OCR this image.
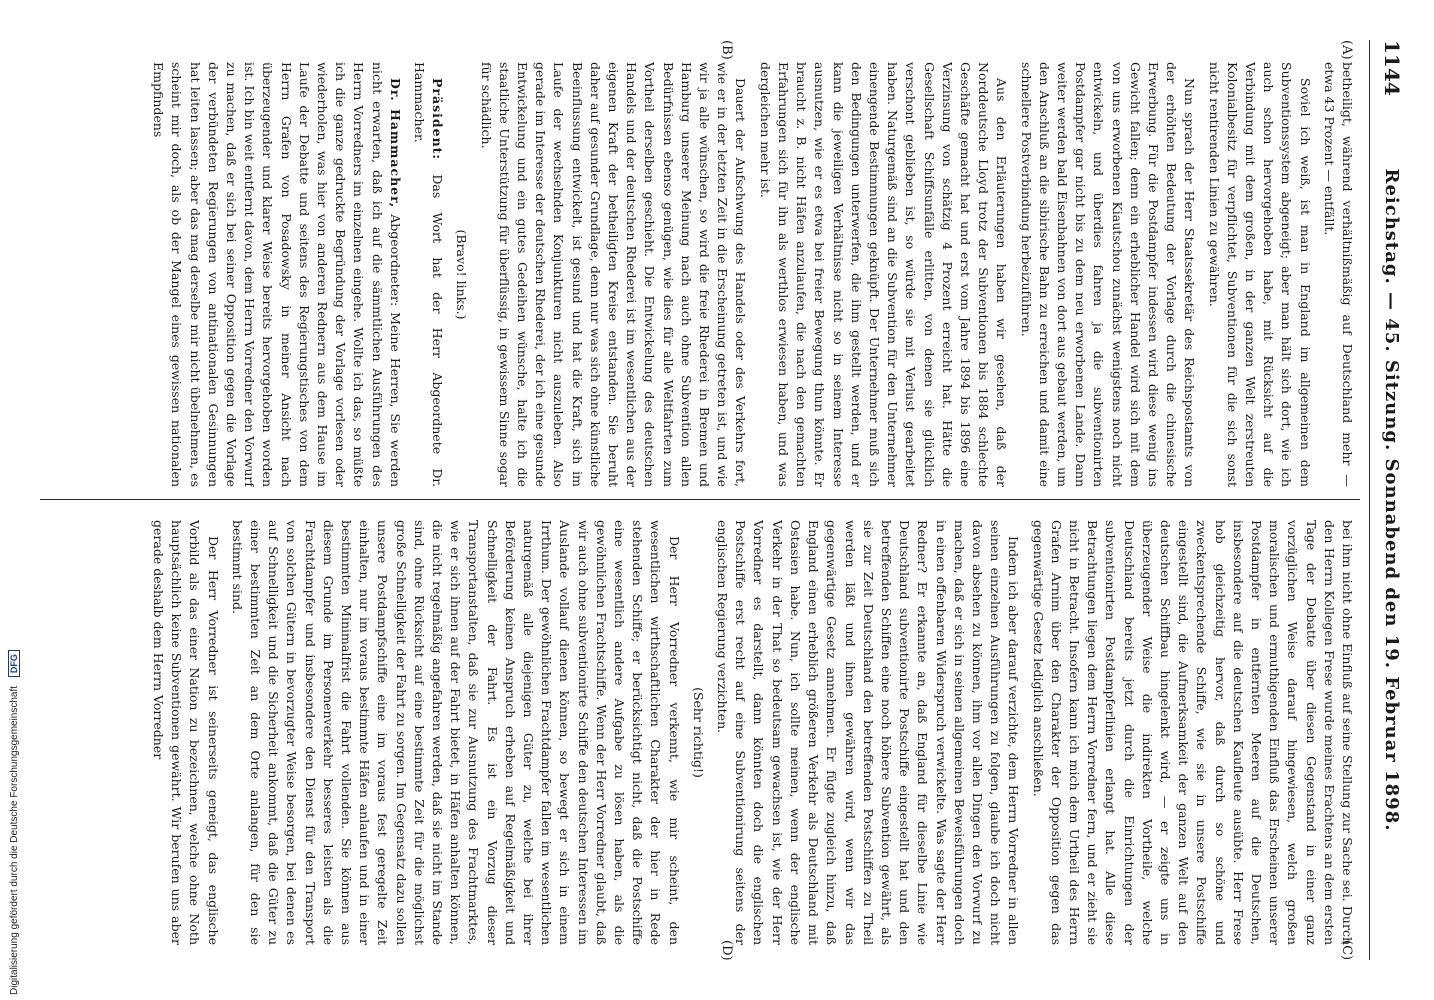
Digitalisierung gefördert durch die Deutsche Forschungsgemeinschaft DFG
1144
Reichstag. — 45. Sitzung. Sonnabend den 19. Februar 1898.
(A)
(B)
(C)
(D)

betheiligt, während verhältnißmäßig auf Deutschland mehr — etwa 43 Prozent — entfällt.

Soviel ich weiß, ist man in England im allgemeinen dem Subventionssystem abgeneigt; aber man hält sich dort, wie ich auch schon hervorgehoben habe, mit Rücksicht auf die Verbindung mit dem großen, in der ganzen Welt zerstreuten Kolonialbesitz für verpflichtet, Subventionen für die sich sonst nicht rentirenden Linien zu gewähren.

Nun sprach der Herr Staatssekretär des Reichspostamts von der erhöhten Bedeutung der Vorlage durch die chinesische Erwerbung. Für die Postdampfer indessen wird diese wenig ins Gewicht fallen; denn ein erheblicher Handel wird sich mit dem von uns erworbenen Kiautschou zunächst wenigstens noch nicht entwickeln, und überdies fahren ja die subventionirten Postdampfer gar nicht bis zu dem neu erworbenen Lande. Dann weiter werden bald Eisenbahnen von dort aus gebaut werden, um den Anschluß an die sibirische Bahn zu erreichen und damit eine schnellere Postverbindung herbeizuführen.

Aus den Erläuterungen haben wir gesehen, daß der Norddeutsche Lloyd trotz der Subventionen bis 1884 schlechte Geschäfte gemacht hat und erst vom Jahre 1894 bis 1896 eine Verzinsung von schätzig 4 Prozent erreicht hat. Hätte die Gesellschaft Schiffsunfälle erlitten, von denen sie glücklich verschont geblieben ist, so würde sie mit Verlust gearbeitet haben. Naturgemäß sind an die Subvention für den Unternehmer einengende Bestimmungen geknüpft. Der Unternehmer muß sich den Bedingungen unterwerfen, die ihm gestellt werden, und er kann die jeweiligen Verhältnisse nicht so in seinem Interesse ausnutzen, wie er es etwa bei freier Bewegung thun könnte. Er braucht z. B. nicht Häfen anzulaufen, die nach den gemachten Erfahrungen sich für ihn als werthlos erwiesen haben, und was dergleichen mehr ist.

Dauert der Aufschwung des Handels oder des Verkehrs fort, wie er in der letzten Zeit in die Erscheinung getreten ist, und wie wir ja alle wünschen, so wird die freie Rhederei in Bremen und Hamburg unserer Meinung nach auch ohne Subvention allen Bedürfnissen ebenso genügen, wie dies für alle Weltfahrten zum Vortheil derselben geschieht. Die Entwickelung des deutschen Handels und der deutschen Rhederei ist im wesentlichen aus der eigenen Kraft der betheiligten Kreise entstanden. Sie beruht daher auf gesunder Grundlage, denn nur was sich ohne künstliche Beeinflussung entwickelt, ist gesund und hat die Kraft, sich im Laufe der wechselnden Konjunkturen nicht auszuleben. Also gerade im Interesse der deutschen Rhederei, der ich eine gesunde Entwickelung und ein gutes Gedeihen wünsche, halte ich die staatliche Unterstützung für überflüssig, in gewissem Sinne sogar für schädlich.

(Bravo! links.)

Präsident: Das Wort hat der Herr Abgeordnete Dr. Hammacher.

Dr. Hammacher, Abgeordneter: Meine Herren, Sie werden nicht erwarten, daß ich auf die sämmtlichen Ausführungen des Herrn Vorredners im einzelnen eingehe. Wollte ich das, so müßte ich die ganze gedruckte Begründung der Vorlage vorlesen oder wiederholen, was hier von anderen Rednern aus dem Hause im Laufe der Debatte und seitens des Regierungstisches von dem Herrn Grafen von Posadowsky in meiner Ansicht nach überzeugender und klarer Weise bereits hervorgehoben worden ist. Ich bin weit entfernt davon, dem Herrn Vorredner den Vorwurf zu machen, daß er sich bei seiner Opposition gegen die Vorlage der verbündeten Regierungen von antinationalen Gesinnungen hat leiten lassen; aber das mag derselbe mir nicht übelnehmen, es scheint mir doch, als ob der Mangel eines gewissen nationalen Empfindens

bei ihm nicht ohne Einfluß auf seine Stellung zur Sache sei. Durch den Herrn Kollegen Frese wurde meines Erachtens an dem ersten Tage der Debatte über diesen Gegenstand in einer ganz vorzüglichen Weise darauf hingewiesen, welch großen moralischen und ermuthigenden Einfluß das Erscheinen unserer Postdampfer in entfernten Meeren auf die Deutschen, insbesondere auf die deutschen Kaufleute ausübte. Herr Frese hob gleichzeitig hervor, daß durch so schöne und zweckentsprechende Schiffe, wie sie in unsere Postschiffe eingestellt sind, die Aufmerksamkeit der ganzen Welt auf den deutschen Schiffbau hingelenkt wird, — er zeigte uns in überzeugender Weise die indirekten Vortheile, welche Deutschland bereits jetzt durch die Einrichtungen der subventionirten Postdampferlinien erlangt hat. Alle diese Betrachtungen liegen dem Herrn Vorredner fern, und er zieht sie nicht in Betracht. Insofern kann ich mich dem Urtheil des Herrn Grafen Arnim über den Charakter der Opposition gegen das gegenwärtige Gesetz lediglich anschließen.

Indem ich aber darauf verzichte, dem Herrn Vorredner in allen seinen einzelnen Ausführungen zu folgen, glaube ich doch nicht davon absehen zu können, ihm vor allen Dingen den Vorwurf zu machen, daß er sich in seinen allgemeinen Beweisführungen doch in einen offenbaren Widerspruch verwickelte. Was sagte der Herr Redner? Er erkannte an, daß England für dieselbe Linie wie Deutschland subventionirte Postschiffe eingestellt hat und den betreffenden Schiffen eine noch höhere Subvention gewährt, als sie zur Zeit Deutschland den betreffenden Postschiffen zu Theil werden läßt und ihnen gewähren wird, wenn wir das gegenwärtige Gesetz annehmen. Er fügte zugleich hinzu, daß England einen erheblich größeren Verkehr als Deutschland mit Ostasien habe. Nun, ich sollte meinen, wenn der englische Verkehr in der That so bedeutsam gewachsen ist, wie der Herr Vorredner es darstellt, dann könnten doch die englischen Postschiffe erst recht auf eine Subventionirung seitens der englischen Regierung verzichten.

(Sehr richtig!)

Der Herr Vorredner verkennt, wie mir scheint, den wesentlichen wirthschaftlichen Charakter der hier in Rede stehenden Schiffe; er berücksichtigt nicht, daß die Postschiffe eine wesentlich andere Aufgabe zu lösen haben, als die gewöhnlichen Frachtschiffe. Wenn der Herr Vorredner glaubt, daß wir auch ohne subventionirte Schiffe den deutschen Interessen im Auslande vollauf dienen können, so bewegt er sich in einem Irrthum. Der gewöhnlichen Frachtdampfer fallen im wesentlichen naturgemäß alle diejenigen Güter zu, welche bei ihrer Beförderung keinen Anspruch erheben auf Regelmäßigkeit und Schnelligkeit der Fahrt. Es ist ein Vorzug dieser Transportanstalten, daß sie zur Ausnutzung des Frachtmarktes, wie er sich ihnen auf der Fahrt bietet, in Häfen anhalten können, die nicht regelmäßig angefahren werden, daß sie nicht im Stande sind, ohne Rücksicht auf eine bestimmte Zeit für die möglichst große Schnelligkeit der Fahrt zu sorgen. Im Gegensatz dazu sollen unsere Postdampfschiffe eine im voraus fest geregelte Zeit einhalten, nur im voraus bestimmte Häfen anlaufen und in einer bestimmten Minimalfrist die Fahrt vollenden. Sie können aus diesem Grunde im Personenverkehr besseres leisten als die Frachtdampfer und insbesondere den Dienst für den Transport von solchen Gütern in bevorzugter Weise besorgen, bei denen es auf Schnelligkeit und die Sicherheit ankommt, daß die Güter zu einer bestimmten Zeit an dem Orte anlangen, für den sie bestimmt sind.

Der Herr Vorredner ist seinerseits geneigt, das englische Vorbild als das einer Nation zu bezeichnen, welche ohne Noth hauptsächlich keine Subventionen gewährt. Wir berufen uns aber gerade deshalb dem Herrn Vorredner
